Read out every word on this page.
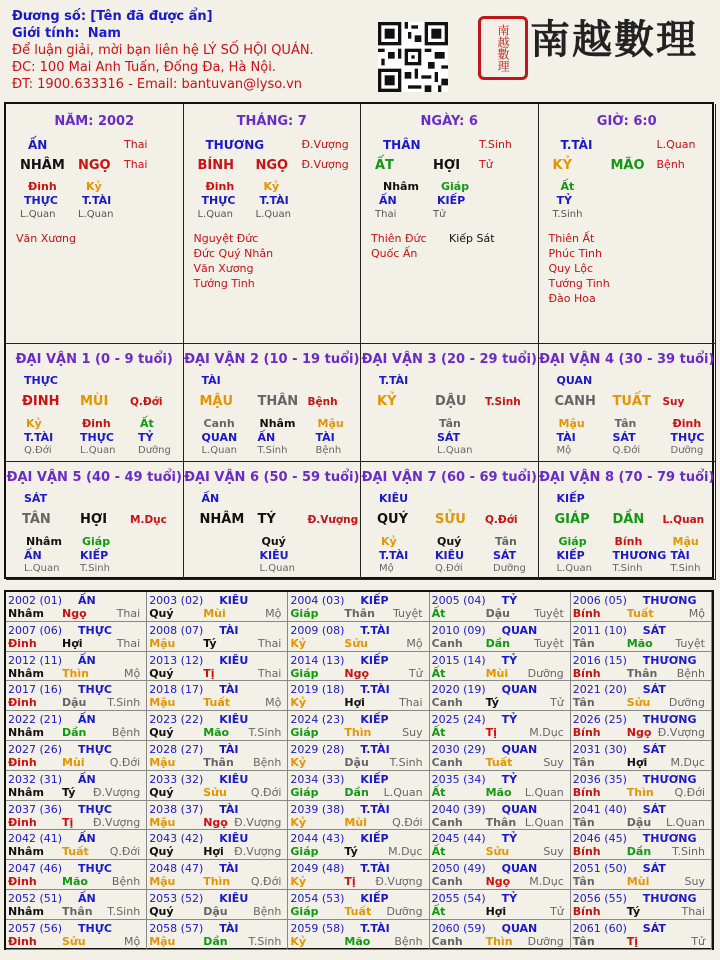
Đương số: [Tên đã được ẩn]
Giới tính: Nam
Để luận giải, mời bạn liên hệ LÝ SỐ HỘI QUÁN.
ĐC: 100 Mai Anh Tuấn, Đống Đa, Hà Nội.
ĐT: 1900.633316 - Email: bantuvan@lyso.vn
南越數理 南越數理
NĂM: 2002
ẤN	Thai
NHÂM NGỌ Thai
Đinh
THỰC
L.Quan
Kỷ
T.TÀI
L.Quan
Văn Xương
THÁNG: 7
THƯƠNG	Đ.Vượng
BÍNH NGỌ Đ.Vượng
Đinh
THỰC
L.Quan
Kỷ
T.TÀI
L.Quan
Nguyệt Đức
Đức Quý Nhân
Văn Xương
Tướng Tinh
NGÀY: 6
THÂN	T.Sinh
ẤT	HỢI Tử
Nhâm
ẤN
Thai
Giáp
KIẾP
Tử
Thiên Đức Kiếp Sát
Quốc Ấn
GIỜ: 6:0
T.TÀI	L.Quan
KỶ	MÃO Bệnh
Ất
TỶ
T.Sinh
Thiên Ất
Phúc Tinh
Quy Lộc
Tướng Tinh
Đào Hoa
ĐẠI VẬN 1 (0 - 9 tuổi)
THỰC
ĐINH MÙI Q.Đới
Kỷ
T.TÀI
Q.Đới
Đinh
THỰC
L.Quan
Ất
TỶ
Dưỡng
ĐẠI VẬN 2 (10 - 19 tuổi)
TÀI
MẬU THÂN Bệnh
Canh
QUAN
L.Quan
Nhâm
ẤN
T.Sinh
Mậu
TÀI
Bệnh
ĐẠI VẬN 3 (20 - 29 tuổi)
T.TÀI
KỶ	DẬU T.Sinh
Tân
SÁT
L.Quan
ĐẠI VẬN 4 (30 - 39 tuổi)
QUAN
CANH TUẤT Suy
Mậu
TÀI
Mộ
Tân
SÁT
Q.Đới
Đinh
THỰC
Dưỡng
ĐẠI VẬN 5 (40 - 49 tuổi)
SÁT
TÂN HỢI M.Dục
Nhâm
ẤN
L.Quan
Giáp
KIẾP
T.Sinh
ĐẠI VẬN 6 (50 - 59 tuổi)
ẤN
NHÂM TÝ	Đ.Vượng
Quý
KIÊU
L.Quan
ĐẠI VẬN 7 (60 - 69 tuổi)
KIÊU
QUÝ SỬU Q.Đới
Kỷ
T.TÀI
Mộ
Quý
KIÊU
Q.Đới
Tân
SÁT
Dưỡng
ĐẠI VẬN 8 (70 - 79 tuổi)
KIẾP
GIÁP DẦN L.Quan
Giáp
KIẾP
L.Quan
Bính
THƯƠNG
T.Sinh
Mậu
TÀI
T.Sinh
2002 (01) ẤN
Nhâm Ngọ	Thai
2003 (02) KIÊU
Quý	Mùi	Mộ
2004 (03) KIẾP
Giáp Thân Tuyệt
2005 (04) TỶ
Ất	Dậu Tuyệt
2006 (05) THƯƠNG
Bính Tuất	Mộ
2007 (06) THỰC
Đinh Hợi	Thai
2008 (07) TÀI
Mậu	Tý	Thai
2009 (08) T.TÀI
Kỷ	Sửu	Mộ
2010 (09) QUAN
Canh Dần Tuyệt
2011 (10) SÁT
Tân	Mão Tuyệt
2012 (11) ẤN
Nhâm Thìn	Mộ
2013 (12) KIÊU
Quý	Tị	Thai
2014 (13) KIẾP
Giáp Ngọ	Tử
2015 (14) TỶ
Ất	Mùi Dưỡng
2016 (15) THƯƠNG
Bính Thân Bệnh
2017 (16) THỰC
Đinh Dậu T.Sinh
2018 (17) TÀI
Mậu	Tuất	Mộ
2019 (18) T.TÀI
Kỷ	Hợi	Thai
2020 (19) QUAN
Canh Tý	Tử
2021 (20) SÁT
Tân	Sửu Dưỡng
2022 (21) ẤN
Nhâm Dần Bệnh
2023 (22) KIÊU
Quý	Mão T.Sinh
2024 (23) KIẾP
Giáp Thìn	Suy
2025 (24) TỶ
Ất	Tị	M.Dục
2026 (25) THƯƠNG
Bính Ngọ Đ.Vượng
2027 (26) THỰC
Đinh Mùi Q.Đới
2028 (27) TÀI
Mậu	Thân Bệnh
2029 (28) T.TÀI
Kỷ	Dậu T.Sinh
2030 (29) QUAN
Canh Tuất	Suy
2031 (30) SÁT
Tân	Hợi M.Dục
2032 (31) ẤN
Nhâm Tý Đ.Vượng
2033 (32) KIÊU
Quý	Sửu Q.Đới
2034 (33) KIẾP
Giáp Dần L.Quan
2035 (34) TỶ
Ất	Mão L.Quan
2036 (35) THƯƠNG
Bính Thìn Q.Đới
2037 (36) THỰC
Đinh Tị Đ.Vượng
2038 (37) TÀI
Mậu	Ngọ Đ.Vượng
2039 (38) T.TÀI
Kỷ	Mùi Q.Đới
2040 (39) QUAN
Canh Thân L.Quan
2041 (40) SÁT
Tân	Dậu L.Quan
2042 (41) ẤN
Nhâm Tuất Q.Đới
2043 (42) KIÊU
Quý	Hợi Đ.Vượng
2044 (43) KIẾP
Giáp Tý	M.Dục
2045 (44) TỶ
Ất	Sửu	Suy
2046 (45) THƯƠNG
Bính Dần T.Sinh
2047 (46) THỰC
Đinh Mão Bệnh
2048 (47) TÀI
Mậu	Thìn Q.Đới
2049 (48) T.TÀI
Kỷ	Tị Đ.Vượng
2050 (49) QUAN
Canh Ngọ M.Dục
2051 (50) SÁT
Tân	Mùi	Suy
2052 (51) ẤN
Nhâm Thân T.Sinh
2053 (52) KIÊU
Quý	Dậu Bệnh
2054 (53) KIẾP
Giáp Tuất Dưỡng
2055 (54) TỶ
Ất	Hợi	Tử
2056 (55) THƯƠNG
Bính Tý	Thai
2057 (56) THỰC
Đinh Sửu	Mộ
2058 (57) TÀI
Mậu	Dần T.Sinh
2059 (58) T.TÀI
Kỷ	Mão Bệnh
2060 (59) QUAN
Canh Thìn Dưỡng
2061 (60) SÁT
Tân	Tị	Tử
